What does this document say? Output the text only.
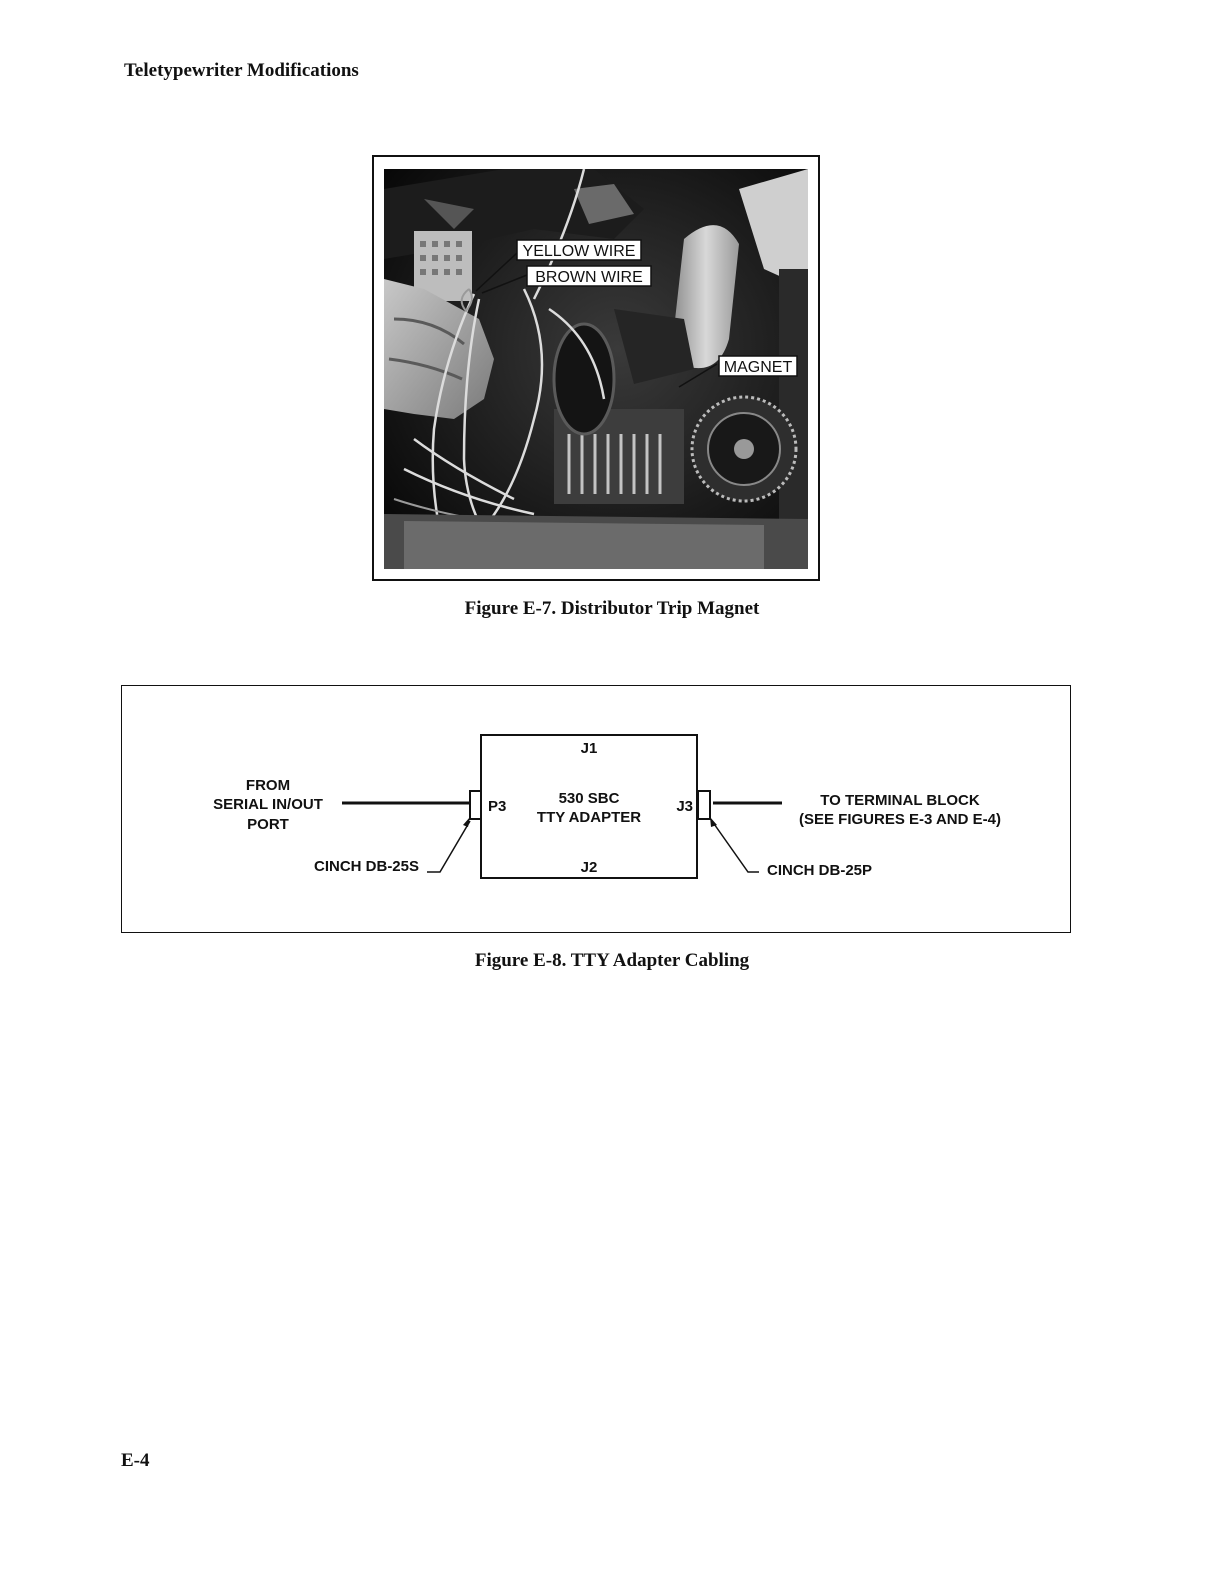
Teletypewriter Modifications
YELLOW WIRE
BROWN WIRE
MAGNET
Figure E-7. Distributor Trip Magnet
FROM
SERIAL IN/OUT
PORT
TO TERMINAL BLOCK
(SEE FIGURES E-3 AND E-4)
CINCH DB-25S	CINCH DB-25P
J1
J2
P3	J3
530 SBC
TTY ADAPTER
Figure E-8. TTY Adapter Cabling
E-4
